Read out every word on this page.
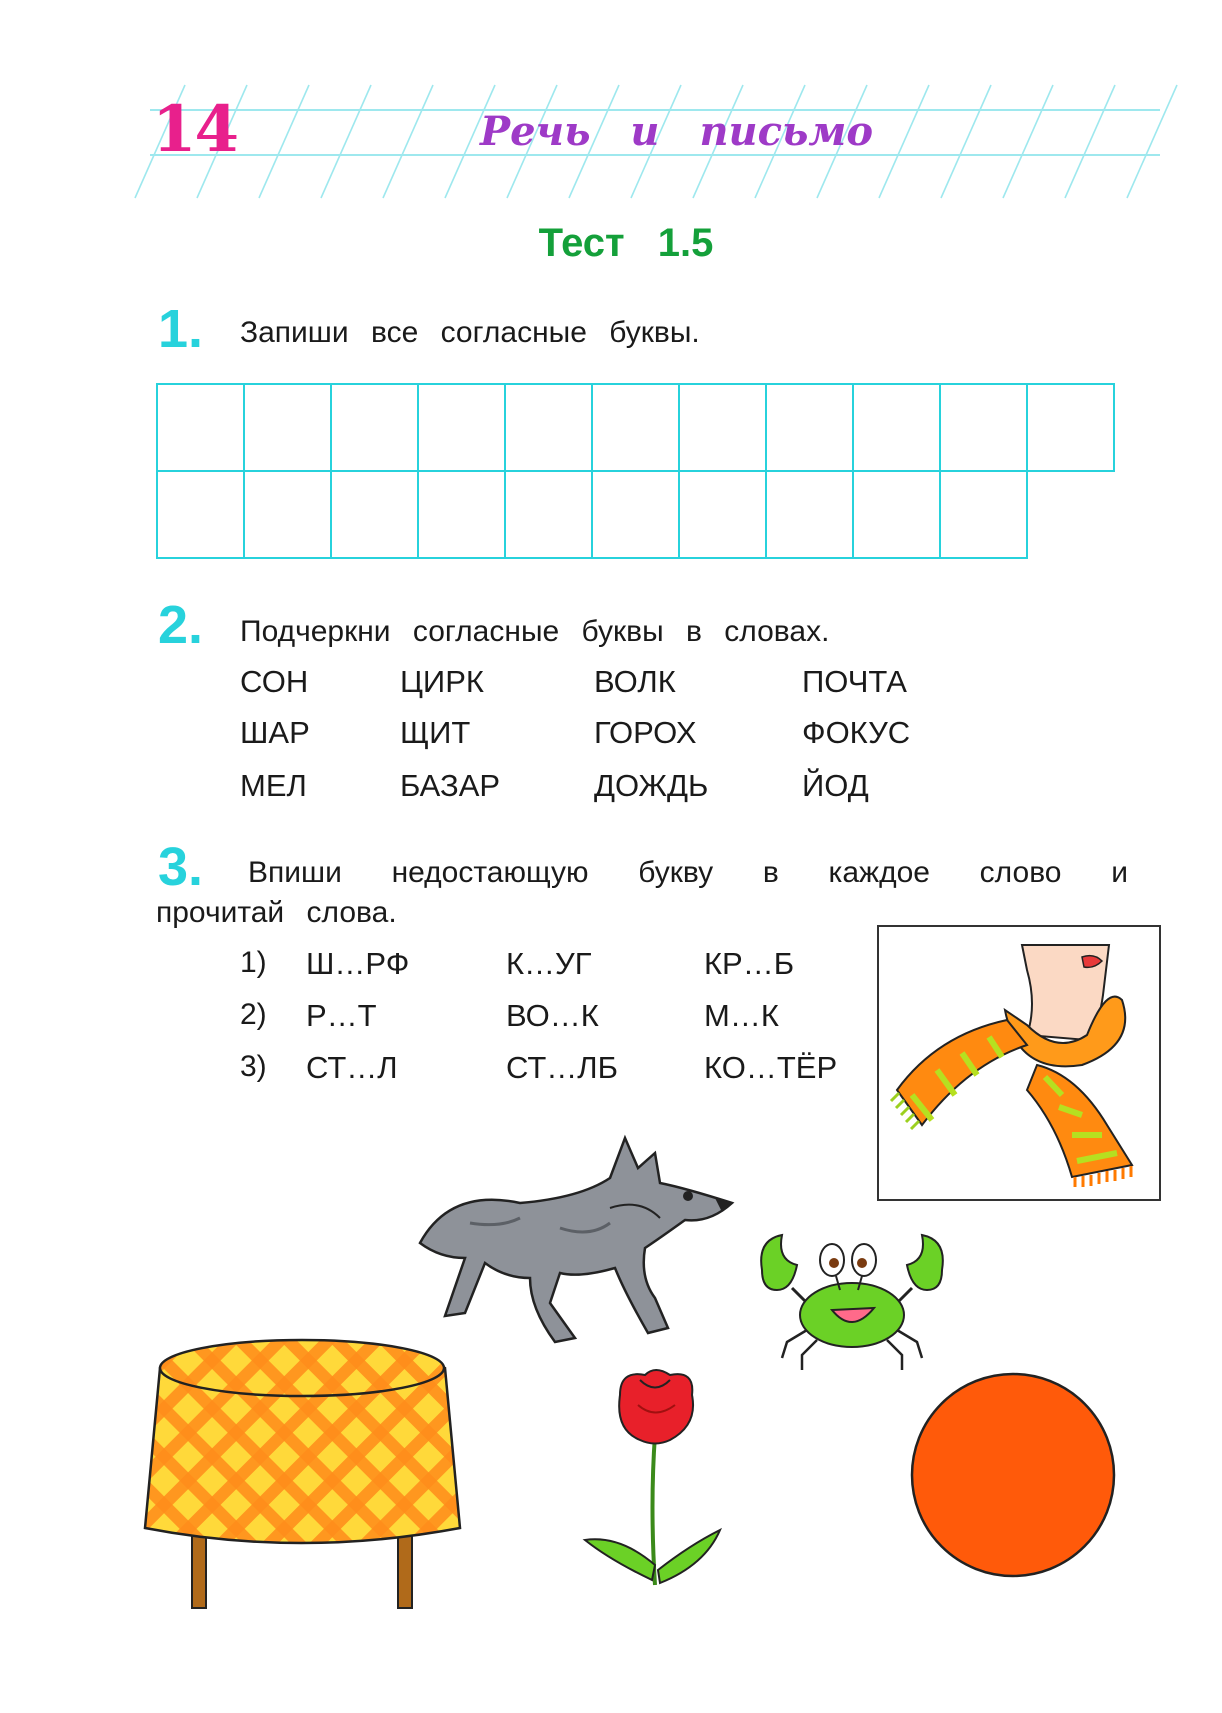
14	Речь и письмо
Тест 1.5
1. Запиши все согласные буквы.
2. Подчеркни согласные буквы в словах.
СОН
ШАР
МЕЛ
ЦИРК
ЩИТ
БАЗАР
ВОЛК
ГОРОХ
ДОЖДЬ
ПОЧТА
ФОКУС
ЙОД
3. Впиши недостающую букву в каждое слово и
прочитай слова.
1)
2)
3)
Ш…РФ
Р…Т
СТ…Л
К…УГ
ВО…К
СТ…ЛБ
КР…Б
М…К
КО…ТЁР
